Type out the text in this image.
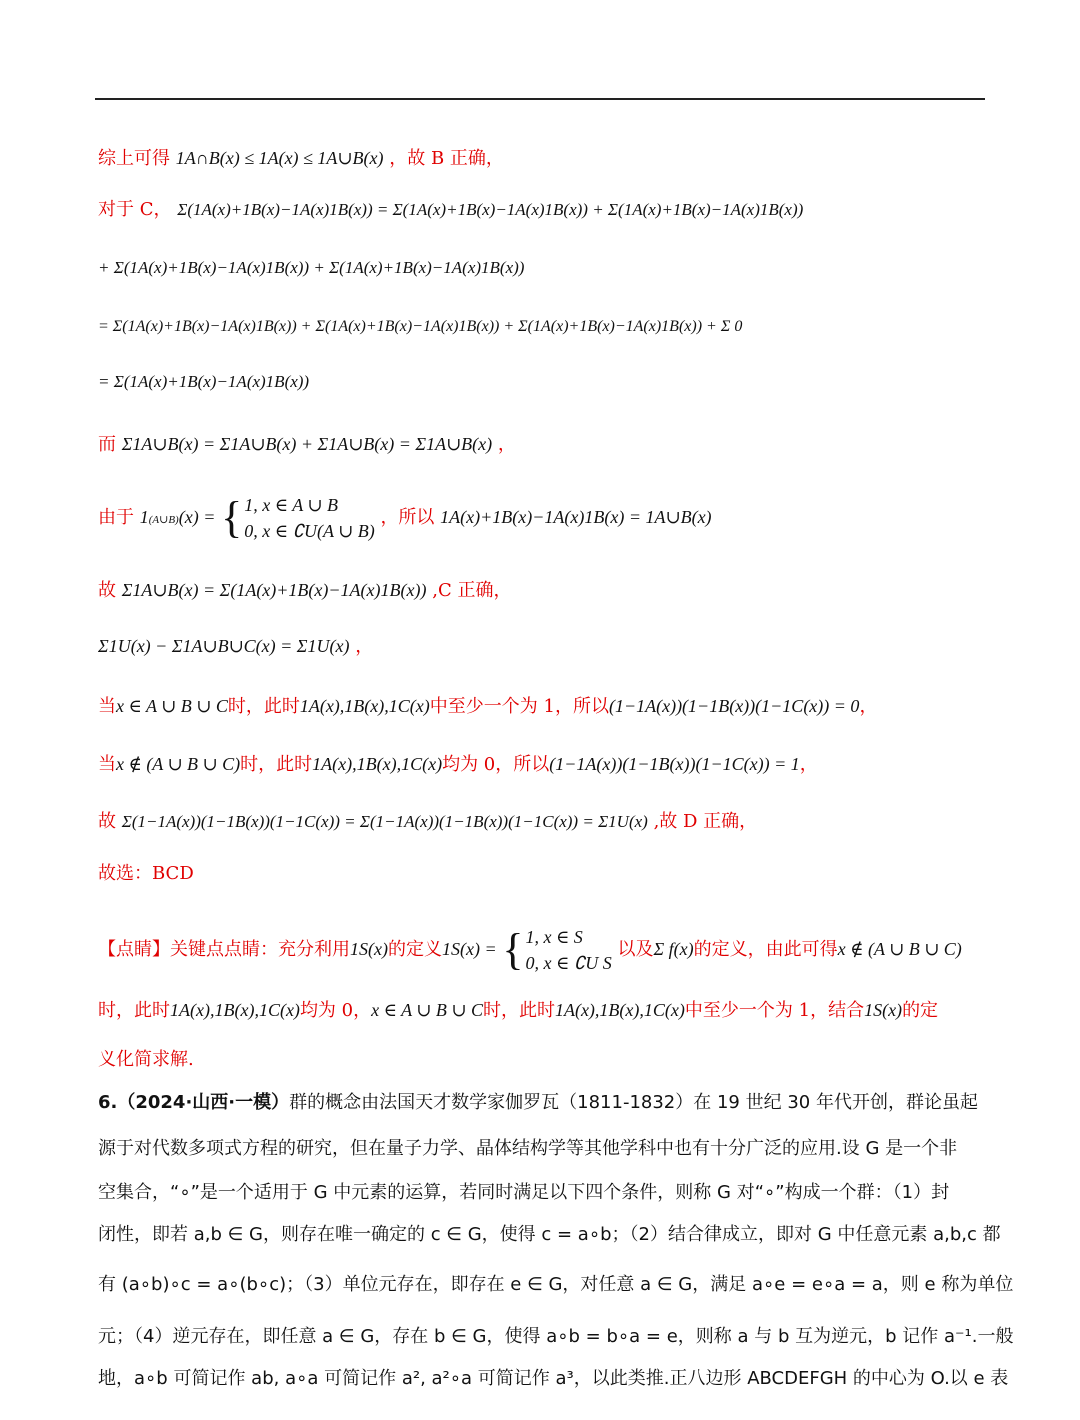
综上可得 1A∩B(x) ≤ 1A(x) ≤ 1A∪B(x) ，故 B 正确，
对于 C， Σ(1A(x)+1B(x)−1A(x)1B(x)) = Σ(1A(x)+1B(x)−1A(x)1B(x)) + Σ(1A(x)+1B(x)−1A(x)1B(x))
+ Σ(1A(x)+1B(x)−1A(x)1B(x)) + Σ(1A(x)+1B(x)−1A(x)1B(x))
= Σ(1A(x)+1B(x)−1A(x)1B(x)) + Σ(1A(x)+1B(x)−1A(x)1B(x)) + Σ(1A(x)+1B(x)−1A(x)1B(x)) + Σ 0
= Σ(1A(x)+1B(x)−1A(x)1B(x))
而 Σ1A∪B(x) = Σ1A∪B(x) + Σ1A∪B(x) = Σ1A∪B(x) ，
由于 1(A∪B)(x) = { 1, x ∈ A ∪ B
0, x ∈ ∁U(A ∪ B)
，所以 1A(x)+1B(x)−1A(x)1B(x) = 1A∪B(x)
故 Σ1A∪B(x) = Σ(1A(x)+1B(x)−1A(x)1B(x)) ,C 正确，
Σ1U(x) − Σ1A∪B∪C(x) = Σ1U(x) ，
当x ∈ A ∪ B ∪ C时，此时1A(x),1B(x),1C(x)中至少一个为 1，所以(1−1A(x))(1−1B(x))(1−1C(x)) = 0，
当x ∉ (A ∪ B ∪ C)时，此时1A(x),1B(x),1C(x)均为 0，所以(1−1A(x))(1−1B(x))(1−1C(x)) = 1，
故 Σ(1−1A(x))(1−1B(x))(1−1C(x)) = Σ(1−1A(x))(1−1B(x))(1−1C(x)) = Σ1U(x) ,故 D 正确，
故选：BCD
【点睛】关键点点睛：充分利用1S(x)的定义1S(x) = { 1, x ∈ S
0, x ∈ ∁U S
以及Σ f(x)的定义，由此可得x ∉ (A ∪ B ∪ C)
时，此时1A(x),1B(x),1C(x)均为 0，x ∈ A ∪ B ∪ C时，此时1A(x),1B(x),1C(x)中至少一个为 1，结合1S(x)的定
义化简求解.
6.（2024·山西·一模）群的概念由法国天才数学家伽罗瓦（1811-1832）在 19 世纪 30 年代开创，群论虽起
源于对代数多项式方程的研究，但在量子力学、晶体结构学等其他学科中也有十分广泛的应用.设 G 是一个非
空集合，“∘”是一个适用于 G 中元素的运算，若同时满足以下四个条件，则称 G 对“∘”构成一个群：（1）封
闭性，即若 a,b ∈ G，则存在唯一确定的 c ∈ G，使得 c = a∘b；（2）结合律成立，即对 G 中任意元素 a,b,c 都
有 (a∘b)∘c = a∘(b∘c)；（3）单位元存在，即存在 e ∈ G，对任意 a ∈ G，满足 a∘e = e∘a = a，则 e 称为单位
元；（4）逆元存在，即任意 a ∈ G，存在 b ∈ G，使得 a∘b = b∘a = e，则称 a 与 b 互为逆元，b 记作 a⁻¹.一般
地，a∘b 可简记作 ab, a∘a 可简记作 a², a²∘a 可简记作 a³，以此类推.正八边形 ABCDEFGH 的中心为 O.以 e 表
